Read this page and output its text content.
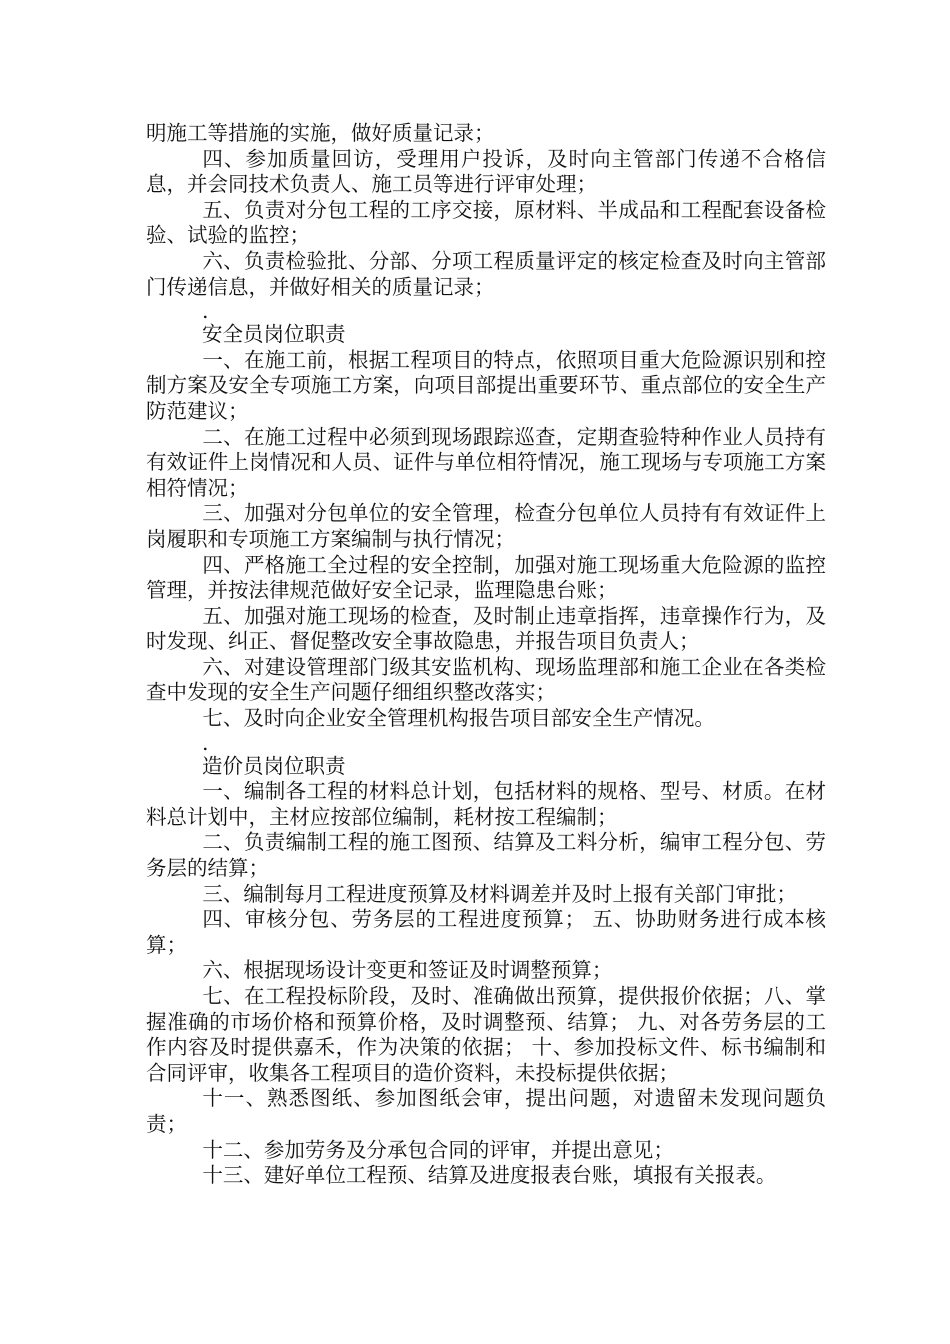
明施工等措施的实施，做好质量记录；

四、参加质量回访，受理用户投诉，及时向主管部门传递不合格信息，并会同技术负责人、施工员等进行评审处理；

五、负责对分包工程的工序交接，原材料、半成品和工程配套设备检验、试验的监控；

六、负责检验批、分部、分项工程质量评定的核定检查及时向主管部门传递信息，并做好相关的质量记录；

.

安全员岗位职责

一、在施工前，根据工程项目的特点，依照项目重大危险源识别和控制方案及安全专项施工方案，向项目部提出重要环节、重点部位的安全生产防范建议；

二、在施工过程中必须到现场跟踪巡查，定期查验特种作业人员持有有效证件上岗情况和人员、证件与单位相符情况，施工现场与专项施工方案相符情况；

三、加强对分包单位的安全管理，检查分包单位人员持有有效证件上岗履职和专项施工方案编制与执行情况；

四、严格施工全过程的安全控制，加强对施工现场重大危险源的监控管理，并按法律规范做好安全记录，监理隐患台账；

五、加强对施工现场的检查，及时制止违章指挥，违章操作行为，及时发现、纠正、督促整改安全事故隐患，并报告项目负责人；

六、对建设管理部门级其安监机构、现场监理部和施工企业在各类检查中发现的安全生产问题仔细组织整改落实；

七、及时向企业安全管理机构报告项目部安全生产情况。

.

造价员岗位职责

一、编制各工程的材料总计划，包括材料的规格、型号、材质。在材料总计划中，主材应按部位编制，耗材按工程编制；

二、负责编制工程的施工图预、结算及工料分析，编审工程分包、劳务层的结算；

三、编制每月工程进度预算及材料调差并及时上报有关部门审批；

四、审核分包、劳务层的工程进度预算； 五、协助财务进行成本核算；

六、根据现场设计变更和签证及时调整预算；

七、在工程投标阶段，及时、准确做出预算，提供报价依据；八、掌握准确的市场价格和预算价格，及时调整预、结算； 九、对各劳务层的工作内容及时提供嘉禾，作为决策的依据； 十、参加投标文件、标书编制和合同评审，收集各工程项目的造价资料，未投标提供依据；

十一、熟悉图纸、参加图纸会审，提出问题，对遗留未发现问题负责；

十二、参加劳务及分承包合同的评审，并提出意见；

十三、建好单位工程预、结算及进度报表台账，填报有关报表。
